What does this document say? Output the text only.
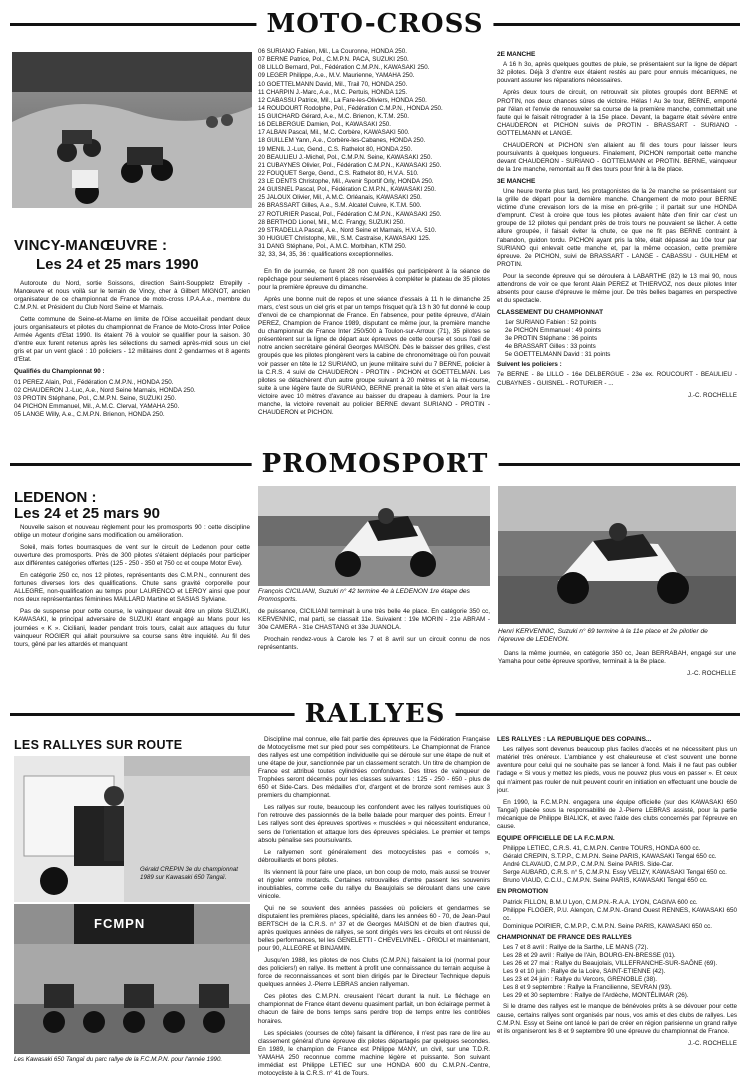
MOTO-CROSS
VINCY-MANŒUVRE :
Les 24 et 25 mars 1990

Autoroute du Nord, sortie Soissons, direction Saint-Souppletz Etrepilly - Manœuvre et nous voilà sur le terrain de Vincy, cher à Gilbert MIGNOT, ancien organisateur de ce championnat de France de moto-cross I.P.A.A.e., membre du C.M.P.N. et Président du Club Nord Seine et Marnais.

Cette commune de Seine-et-Marne en limite de l'Oise accueillait pendant deux jours organisateurs et pilotes du championnat de France de Moto-Cross Inter Police Armée Agents d'Etat 1990. Ils étaient 76 à vouloir se qualifier pour la saison. 30 d'entre eux furent retenus après les sélections du samedi après-midi sous un ciel gris et par un vent glacé : 10 policiers - 12 militaires dont 2 gendarmes et 8 agents d'Etat.

Qualifiés du Championnat 90 :
01 PEREZ Alain, Pol., Fédération C.M.P.N., HONDA 250.
02 CHAUDERON J.-Luc, A.e., Nord Seine Marnais, HONDA 250.
03 PROTIN Stéphane, Pol., C.M.P.N. Seine, SUZUKI 250.
04 PICHON Emmanuel, Mil., A.M.C. Clerval, YAMAHA 250.
05 LANGE Willy, A.e., C.M.P.N. Brienon, HONDA 250.
06 SURIANO Fabien, Mil., La Couronne, HONDA 250.
07 BERNE Patrice, Pol., C.M.P.N. PACA, SUZUKI 250.
08 LILLO Bernard, Pol., Fédération C.M.P.N., KAWASAKI 250.
09 LEGER Philippe, A.e., M.V. Maurienne, YAMAHA 250.
10 GOETTELMANN David, Mil., Trail 70, HONDA 250.
11 CHARPIN J.-Marc, A.e., M.C. Pertuis, HONDA 125.
12 CABASSU Patrice, Mil., La Fare-les-Oliviers, HONDA 250.
14 ROUDOURT Rodolphe, Pol., Fédération C.M.P.N., HONDA 250.
15 GUICHARD Gérard, A.e., M.C. Brienon, K.T.M. 250.
16 DELBERGUE Damien, Pol., KAWASAKI 250.
17 ALBAN Pascal, Mil., M.C. Corbère, KAWASAKI 500.
18 GUILLEM Yann, A.e., Corbère-les-Cabanes, HONDA 250.
19 MENIL J.-Luc, Gend., C.S. Rathelot 80, HONDA 250.
20 BEAULIEU J.-Michel, Pol., C.M.P.N. Seine, KAWASAKI 250.
21 CUBAYNES Olivier, Pol., Fédération C.M.P.N., KAWASAKI 250.
22 FOUQUET Serge, Gend., C.S. Rathelot 80, H.V.A. 510.
23 LE DENTS Christophe, Mil., Avenir Sportif Orly, HONDA 250.
24 GUISNEL Pascal, Pol., Fédération C.M.P.N., KAWASAKI 250.
25 JALOUX Olivier, Mil., A.M.C. Orléanais, KAWASAKI 250.
26 BRASSART Gilles, A.e., S.M. Alcatel Cuivre, K.T.M. 500.
27 ROTURIER Pascal, Pol., Fédération C.M.P.N., KAWASAKI 250.
28 BERTHOD Lionel, Mil., M.C. Frangy, SUZUKI 250.
29 STRADELLA Pascal, A.e., Nord Seine et Marnais, H.V.A. 510.
30 HUGUET Christophe, Mil., S.M. Castraise, KAWASAKI 125.
31 DANG Stéphane, Pol., A.M.C. Morbihan, KTM 250.
32, 33, 34, 35, 36 : qualifications exceptionnelles.

En fin de journée, ce furent 28 non qualifiés qui participèrent à la séance de repêchage pour seulement 6 places réservées à compléter le plateau de 35 pilotes pour la première épreuve du dimanche.

Après une bonne nuit de repos et une séance d'essais à 11 h le dimanche 25 mars, c'est sous un ciel gris et par un temps frisquet qu'à 13 h 30 fut donné le coup d'envoi de ce championnat de France. En l'absence, pour petite épreuve, d'Alain PEREZ, Champion de France 1989, disputant ce même jour, la première manche du championnat de France Inter 250/500 à Toulon-sur-Arroux (71), 35 pilotes se présentèrent sur la ligne de départ aux épreuves de cette course et sous l'œil de notre ancien secrétaire général Georges MAISON. Dès le baisser des grilles, c'est groupés que les pilotes plongèrent vers la cabine de chronométrage où l'on pouvait voir passer en tête le 12 SURIANO, un jeune militaire suivi du 7 BERNE, policier à la C.R.S. 4 suivi de CHAUDERON - PROTIN - PICHON et GOETTELMAN. Les pilotes se détachèrent d'un autre groupe suivant à 20 mètres et à la mi-course, suite à une légère faute de SURIANO, BERNE prenait la tête et s'en allait vers la victoire avec 10 mètres d'avance au baisser du drapeau à damiers. Pour la 1re manche, la victoire revenait au policier BERNE devant SURIANO - PROTIN - CHAUDERON et PICHON.

2E MANCHE

A 16 h 3o, après quelques gouttes de pluie, se présentaient sur la ligne de départ 32 pilotes. Déjà 3 d'entre eux étaient restés au parc pour ennuis mécaniques, ne pouvant assurer les réparations nécessaires.

Après deux tours de circuit, on retrouvait six pilotes groupés dont BERNE et PROTIN, nos deux chances sûres de victoire. Hélas ! Au 3e tour, BERNE, emporté par l'élan et l'envie de renouveler sa course de la première manche, commettait une faute qui le faisait rétrograder à la 15e place. Devant, la bagarre était sévère entre CHAUDERON et PICHON suivis de PROTIN - BRASSART - SURIANO - GOTTELMANN et LANGE.

CHAUDERON et PICHON s'en allaient au fil des tours pour laisser leurs poursuivants à quelques longueurs. Finalement, PICHON remportait cette manche devant CHAUDERON - SURIANO - GOTTELMANN et PROTIN. BERNE, vainqueur de la 1re manche, remontait au fil des tours pour finir à la 8e place.

3E MANCHE

Une heure trente plus tard, les protagonistes de la 2e manche se présentaient sur la grille de départ pour la dernière manche. Changement de moto pour BERNE victime d'une crevaison lors de la mise en pré-grille ; il partait sur une HONDA d'emprunt. C'est à croire que tous les pilotes avaient hâte d'en finir car c'est un groupe de 12 pilotes qui pendant près de trois tours ne pouvaient se lâcher. A cette allure groupée, il faisait éviter la chute, ce que ne fit pas BERNE contraint à l'abandon, guidon tordu. PICHON ayant pris la tête, était dépassé au 10e tour par SURIANO qui enlevait cette manche et, par la même occasion, cette première épreuve. 2e PICHON, suivi de BRASSART - LANGE - CABASSU - GUILHEM et PROTIN.

Pour la seconde épreuve qui se déroulera à LABARTHE (82) le 13 mai 90, nous attendrons de voir ce que feront Alain PEREZ et THIERVOZ, nos deux pilotes Inter absents pour cause d'épreuve le même jour. De très belles bagarres en perspective et du spectacle.

CLASSEMENT DU CHAMPIONNAT
1er SURIANO Fabien : 52 points
2e PICHON Emmanuel : 49 points
3e PROTIN Stéphane : 36 points
4e BRASSART Gilles : 33 points
5e GOETTELMANN David : 31 points
Suivent les policiers :

7e BERNE - 8e LILLO - 16e DELBERGUE - 23e ex. ROUCOURT - BEAULIEU - CUBAYNES - GUISNEL - ROTURIER - ...

J.-C. ROCHELLE
PROMOSPORT
LEDENON :
Les 24 et 25 mars 90

Nouvelle saison et nouveau règlement pour les promosports 90 : cette discipline oblige un moteur d'origine sans modification ou amélioration.

Soleil, mais fortes bourrasques de vent sur le circuit de Ledenon pour cette ouverture des promosports. Près de 300 pilotes s'étaient déplacés pour participer aux différentes catégories offertes (125 - 250 - 350 et 750 cc et coupe Motor Eve).

En catégorie 250 cc, nos 12 pilotes, représentants des C.M.P.N., connurent des fortunes diverses lors des qualifications. Chute sans gravité corporelle pour ALLEGRE, non-qualification au temps pour LAURENCO et LEROY ainsi que pour nos deux représentantes féminines MAILLARD Martine et SASIAS Sylviane.

Pas de suspense pour cette course, le vainqueur devait être un pilote SUZUKI, KAWASAKI, le principal adversaire de SUZUKI étant engagé au Mans pour les journées « K ». Ciciliani, leader pendant trois tours, calait aux attaques du futur vainqueur ROGIER qui allait poursuivre sa course sans être inquiété. Au fil des tours, gêné par les attardés et manquant

François CICILIANI, Suzuki n° 42 termine 4e à LEDENON 1re étape des Promosports.

de puissance, CICILIANI terminait à une très belle 4e place. En catégorie 350 cc, KERVENNIC, mal parti, se classait 11e. Suivaient : 19e MORIN - 21e ABRAM - 30e CAMERA - 31e CHASTANG et 33e JUANOLA.

Prochain rendez-vous à Carole les 7 et 8 avril sur un circuit connu de nos représentants.

Henri KERVENNIC, Suzuki n° 69 termine à la 11e place et 2e pilotier de l'épreuve de LEDENON.

Dans la même journée, en catégorie 350 cc, Jean BERRABAH, engagé sur une Yamaha pour cette épreuve sportive, terminait à la 8e place.

J.-C. ROCHELLE
RALLYES
LES RALLYES SUR ROUTE
Gérald CREPIN 3e du championnat 1989 sur Kawasaki 650 Tangaï.
FCMPN
Les Kawasaki 650 Tangaï du parc rallye de la F.C.M.P.N. pour l'année 1990.

Discipline mal connue, elle fait partie des épreuves que la Fédération Française de Motocyclisme met sur pied pour ses compétiteurs. Le Championnat de France des rallyes est une compétition individuelle qui se déroule sur une étape de nuit et une étape de jour, sanctionnée par un classement scratch. Un titre de champion de France est attribué toutes cylindrées confondues. Des titres de vainqueur de Trophées seront décernés pour les classes suivantes : 125 - 250 - 650 - plus de 650 et Side-Cars. Des médailles d'or, d'argent et de bronze sont remises aux 3 premiers du championnat.

Les rallyes sur route, beaucoup les confondent avec les rallyes touristiques où l'on retrouve des passionnés de la belle balade pour marquer des points. Erreur ! Les rallyes sont des épreuves sportives « musclées » qui nécessitent endurance, sens de l'orientation et attaque lors des épreuves spéciales. Le premier et temps absolu pénalise ses poursuivants.

Le rallyemen sont généralement des motocyclistes pas « comcés », débrouillards et bons pilotes.

Ils viennent là pour faire une place, un bon coup de moto, mais aussi se trouver et rigoler entre motards. Certaines retrouvailles d'entre passent les souvenirs inoubliables, comme celle du rallye du Beaujolais se déroulant dans une cave vinicole.

Qui ne se souvient des années passées où policiers et gendarmes se disputaient les premières places, spécialité, dans les années 60 - 70, de Jean-Paul BERTSCH de la C.R.S. n° 37 et de Georges MAISON et de bien d'autres qui, après quelques années de rallyes, se sont dirigés vers les circuits et ont réussi de belles performances, tel les GENELETTI - CHEVELVINEL - ORIOLI et maintenant, pour 90, ALLEGRE et BINJAMIN.

Jusqu'en 1988, les pilotes de nos Clubs (C.M.P.N.) faisaient la loi (normal pour des policiers!) en rallye. Ils mettent à profit une connaissance du terrain acquise à force de reconnaissances et sont bien dirigés par le Directeur Technique depuis quelques années J.-Pierre LEBRAS ancien rallyeman.

Ces pilotes des C.M.P.N. creusaient l'écart durant la nuit. Le fléchage en championnat de France étant devenu quasiment parfait, un bon éclairage permet à chacun de faire de bons temps sans perdre trop de temps entre les contrôles horaires.

Les spéciales (courses de côte) faisant la différence, il n'est pas rare de lire au classement général d'une épreuve dix pilotes départagés par quelques secondes. En 1989, le champion de France est Philippe MANY, un civil, sur une T.D.R. YAMAHA 250 reconnue comme machine légère et puissante. Son suivant immédiat est Philippe LETIEC sur une HONDA 600 du C.M.P.N.-Centre, motocycliste à la C.R.S. n° 41 de Tours.

LES RALLYES : LA RÉPUBLIQUE DES COPAINS...

Les rallyes sont devenus beaucoup plus faciles d'accès et ne nécessitent plus un matériel très onéreux. L'ambiance y est chaleureuse et c'est souvent une bonne aventure pour celui qui ne souhaite pas se lancer à fond. Mais il ne faut pas oublier l'adage « Si vous y mettez les pieds, vous ne pouvez plus vous en passer ». Et ceux qui n'aiment pas rouler de nuit peuvent courir en initiation en effectuant une boucle de jour.

En 1990, la F.C.M.P.N. engagera une équipe officielle (sur des KAWASAKI 650 Tangaï) placée sous la responsabilité de J.-Pierre LEBRAS assisté, pour la partie mécanique de Philippe BIALICK, et avec l'aide des clubs concernés par l'épreuve en cause.

EQUIPE OFFICIELLE DE LA F.C.M.P.N.
Philippe LETIEC, C.R.S. 41, C.M.P.N. Centre TOURS, HONDA 600 cc.
Gérald CREPIN, S.T.P.P., C.M.P.N. Seine PARIS, KAWASAKI Tengal 650 cc.
André CLAVAUD, C.M.P.P., C.M.P.N. Seine PARIS. Side-Car.
Serge AUBARD, C.R.S. n° 5, C.M.P.N. Essy VELIZY, KAWASAKI Tengal 650 cc.
Bruno VIAUD, C.C.U., C.M.P.N. Seine PARIS, KAWASAKI Tengal 650 cc.
EN PROMOTION
Patrick FILLON, B.M.U Lyon, C.M.P.N.-R.A.A. LYON, CAGIVA 600 cc.
Philippe FLOGER, P.U. Alençon, C.M.P.N.-Grand Ouest RENNES, KAWASAKI 650 cc.
Dominique POIRIER, C.M.P.P., C.M.P.N. Seine PARIS, KAWASAKI 650 cc.
CHAMPIONNAT DE FRANCE DES RALLYES
Les 7 et 8 avril : Rallye de la Sarthe, LE MANS (72).
Les 28 et 29 avril : Rallye de l'Ain, BOURG-EN-BRESSE (01).
Les 26 et 27 mai : Rallye du Beaujolais, VILLEFRANCHE-SUR-SAÔNE (69).
Les 9 et 10 juin : Rallye de la Loire, SAINT-ETIENNE (42).
Les 23 et 24 juin : Rallye du Vercors, GRENOBLE (38).
Les 8 et 9 septembre : Rallye la Francilienne, SEVRAN (93).
Les 29 et 30 septembre : Rallye de l'Ardèche, MONTÉLIMAR (26).

Si le drame des rallyes est le manque de bénévoles prêts à se dévouer pour cette cause, certains rallyes sont organisés par nous, vos amis et des clubs de rallyes. Les C.M.P.N. Essy et Seine ont lancé le pari de créer en région parisienne un grand rallye et ils organiseront les 8 et 9 septembre 90 une épreuve du championnat de France.

J.-C. ROCHELLE
